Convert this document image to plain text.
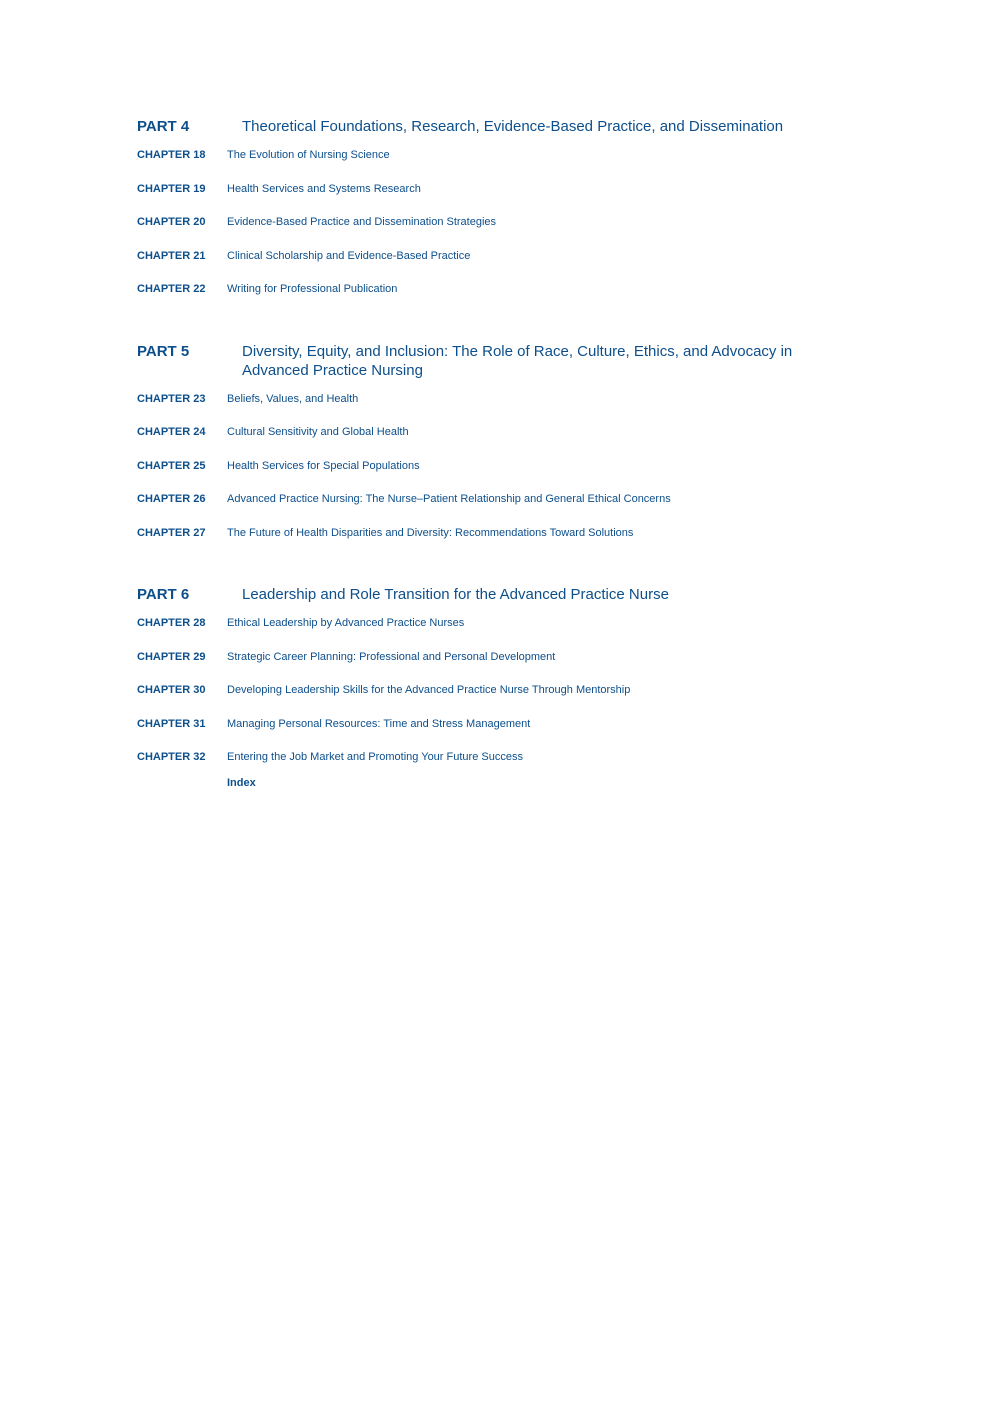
PART 4	Theoretical Foundations, Research, Evidence-Based Practice, and Dissemination
CHAPTER 18	The Evolution of Nursing Science
CHAPTER 19	Health Services and Systems Research
CHAPTER 20	Evidence-Based Practice and Dissemination Strategies
CHAPTER 21	Clinical Scholarship and Evidence-Based Practice
CHAPTER 22	Writing for Professional Publication
PART 5	Diversity, Equity, and Inclusion: The Role of Race, Culture, Ethics, and Advocacy in Advanced Practice Nursing
CHAPTER 23	Beliefs, Values, and Health
CHAPTER 24	Cultural Sensitivity and Global Health
CHAPTER 25	Health Services for Special Populations
CHAPTER 26	Advanced Practice Nursing: The Nurse–Patient Relationship and General Ethical Concerns
CHAPTER 27	The Future of Health Disparities and Diversity: Recommendations Toward Solutions
PART 6	Leadership and Role Transition for the Advanced Practice Nurse
CHAPTER 28	Ethical Leadership by Advanced Practice Nurses
CHAPTER 29	Strategic Career Planning: Professional and Personal Development
CHAPTER 30	Developing Leadership Skills for the Advanced Practice Nurse Through Mentorship
CHAPTER 31	Managing Personal Resources: Time and Stress Management
CHAPTER 32	Entering the Job Market and Promoting Your Future Success
Index
